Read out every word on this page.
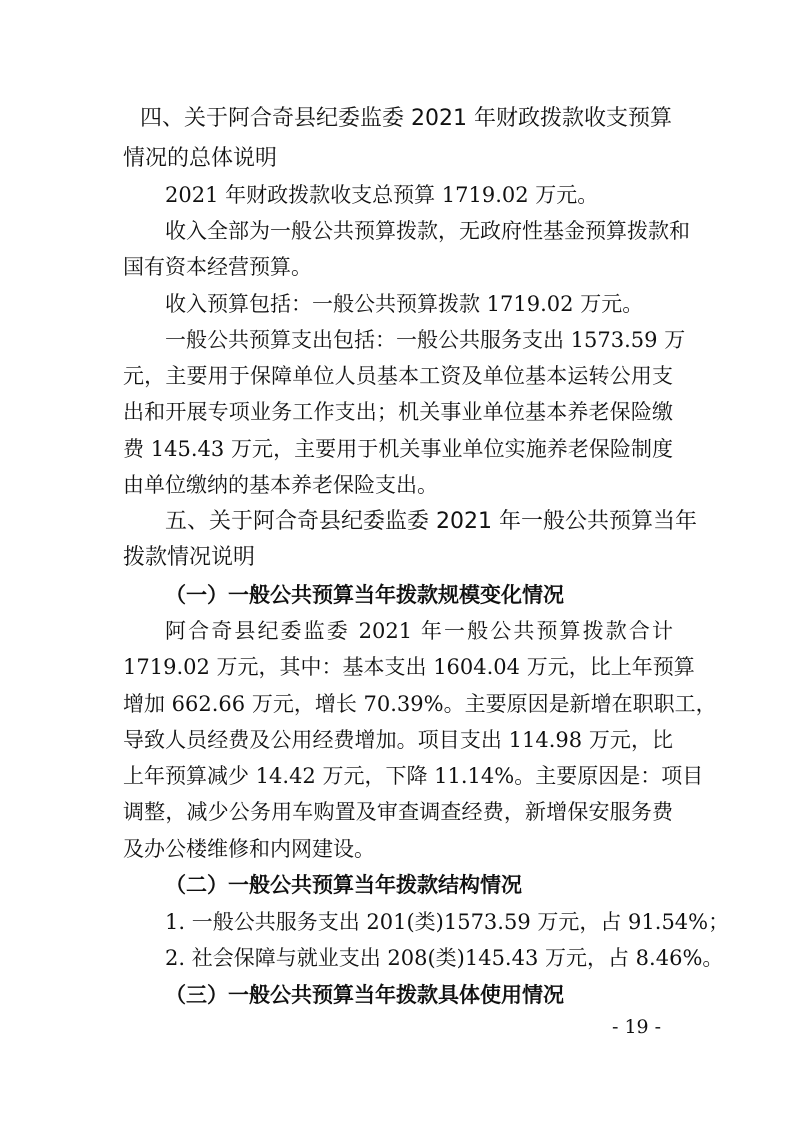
四、关于阿合奇县纪委监委 2021 年财政拨款收支预算
情况的总体说明
2021 年财政拨款收支总预算 1719.02 万元。
收入全部为一般公共预算拨款，无政府性基金预算拨款和
国有资本经营预算。
收入预算包括：一般公共预算拨款 1719.02 万元。
一般公共预算支出包括：一般公共服务支出 1573.59 万
元，主要用于保障单位人员基本工资及单位基本运转公用支
出和开展专项业务工作支出；机关事业单位基本养老保险缴
费 145.43 万元，主要用于机关事业单位实施养老保险制度
由单位缴纳的基本养老保险支出。
五、关于阿合奇县纪委监委 2021 年一般公共预算当年
拨款情况说明
（一）一般公共预算当年拨款规模变化情况
阿合奇县纪委监委 2021 年一般公共预算拨款合计
1719.02 万元，其中：基本支出 1604.04 万元，比上年预算
增加 662.66 万元，增长 70.39%。主要原因是新增在职职工，
导致人员经费及公用经费增加。项目支出 114.98 万元，比
上年预算减少 14.42 万元，下降 11.14%。主要原因是：项目
调整，减少公务用车购置及审查调查经费，新增保安服务费
及办公楼维修和内网建设。
（二）一般公共预算当年拨款结构情况
1. 一般公共服务支出 201(类)1573.59 万元，占 91.54%；
2. 社会保障与就业支出 208(类)145.43 万元，占 8.46%。
（三）一般公共预算当年拨款具体使用情况
- 19 -
